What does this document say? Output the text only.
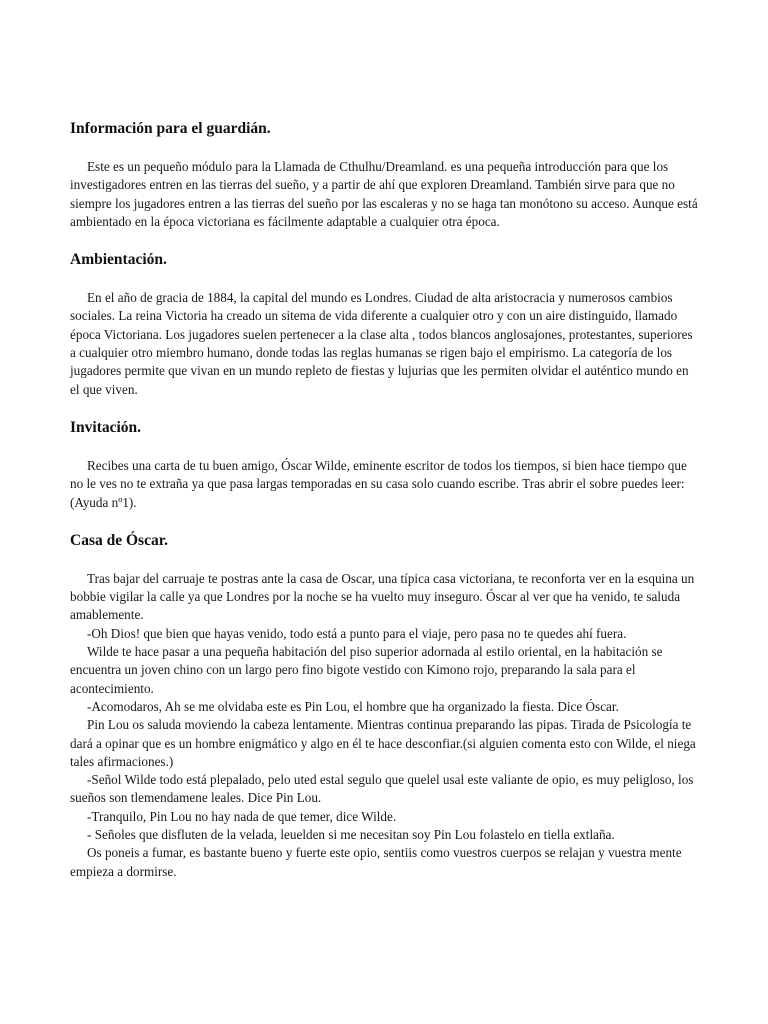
Información para el guardián.

Este es un pequeño módulo para la Llamada de Cthulhu/Dreamland. es una pequeña introducción para que los investigadores entren en las tierras del sueño, y a partir de ahí que exploren Dreamland. También sirve para que no siempre los jugadores entren a las tierras del sueño por las escaleras y no se haga tan monótono su acceso. Aunque está ambientado en la época victoriana es fácilmente adaptable a cualquier otra época.

Ambientación.

En el año de gracia de 1884, la capital del mundo es Londres. Ciudad de alta aristocracia y numerosos cambios sociales. La reina Victoria ha creado un sitema de vida diferente a cualquier otro y con un aire distinguido, llamado época Victoriana. Los jugadores suelen pertenecer a la clase alta , todos blancos anglosajones, protestantes, superiores a cualquier otro miembro humano, donde todas las reglas humanas se rigen bajo el empirismo. La categoría de los jugadores permite que vivan en un mundo repleto de fiestas y lujurias que les permiten olvidar el auténtico mundo en el que viven.

Invitación.

Recibes una carta de tu buen amigo, Óscar Wilde, eminente escritor de todos los tiempos, si bien hace tiempo que no le ves no te extraña ya que pasa largas temporadas en su casa solo cuando escribe. Tras abrir el sobre puedes leer: (Ayuda nº1).

Casa de Óscar.

Tras bajar del carruaje te postras ante la casa de Oscar, una típica casa victoriana, te reconforta ver en la esquina un bobbie vigilar la calle ya que Londres por la noche se ha vuelto muy inseguro. Óscar al ver que ha venido, te saluda amablemente.

-Oh Dios! que bien que hayas venido, todo está a punto para el viaje, pero pasa no te quedes ahí fuera.

Wilde te hace pasar a una pequeña habitación del piso superior adornada al estilo oriental, en la habitación se encuentra un joven chino con un largo pero fino bigote vestido con Kimono rojo, preparando la sala para el acontecimiento.

-Acomodaros, Ah se me olvidaba este es Pin Lou, el hombre que ha organizado la fiesta. Dice Óscar.

Pin Lou os saluda moviendo la cabeza lentamente. Mientras continua preparando las pipas. Tirada de Psicología te dará a opinar que es un hombre enigmático y algo en él te hace desconfiar.(si alguien comenta esto con Wilde, el niega tales afirmaciones.)

-Señol Wilde todo está plepalado, pelo uted estal segulo que quelel usal este valiante de opio, es muy peligloso, los sueños son tlemendamene leales. Dice Pin Lou.

-Tranquilo, Pin Lou no hay nada de que temer, dice Wilde.

- Señoles que disfluten de la velada, leuelden si me necesitan soy Pin Lou folastelo en tiella extlaña.

Os poneis a fumar, es bastante bueno y fuerte este opio, sentiis como vuestros cuerpos se relajan y vuestra mente empieza a dormirse.
